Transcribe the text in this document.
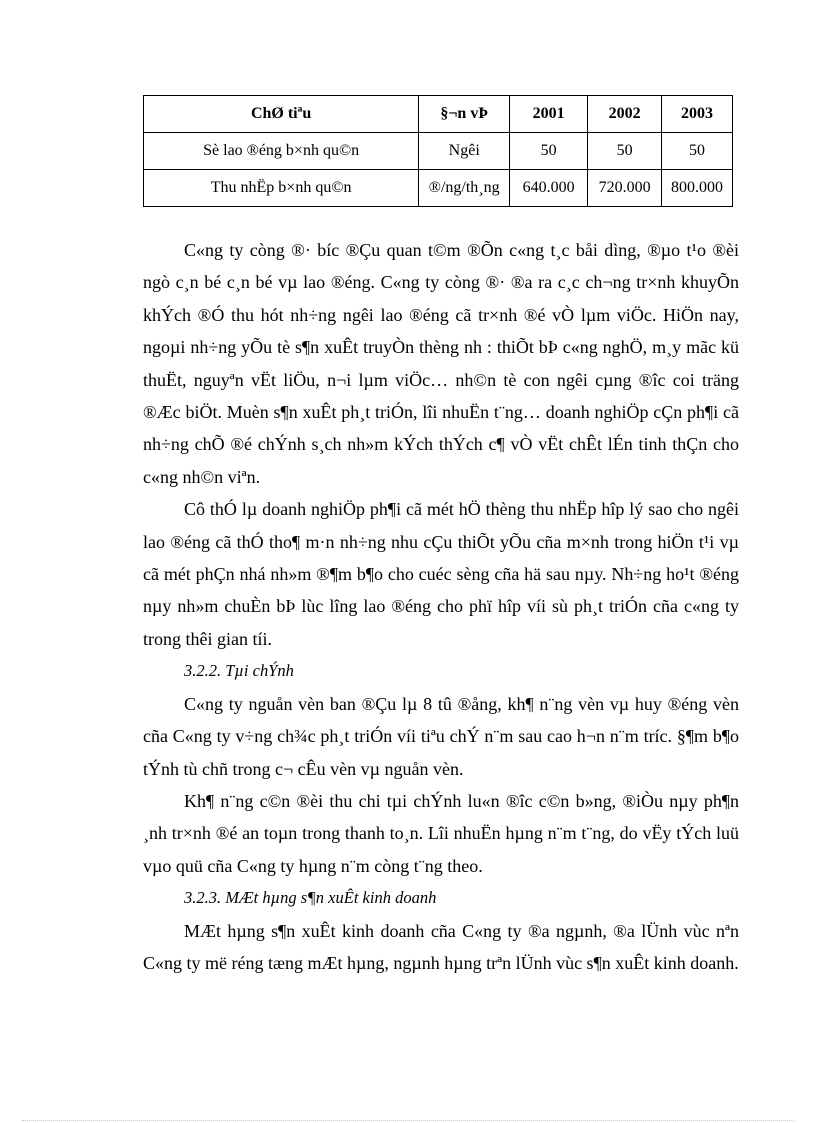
ChØ tiªu	§¬n vÞ	2001	2002	2003
Sè lao ®éng b×nh qu©n	Ngêi	50	50	50
Thu nhËp b×nh qu©n	®/ng/th¸ng	640.000	720.000	800.000

C«ng ty còng ®· bíc ®Çu quan t©m ®Õn c«ng t¸c båi dìng, ®µo t¹o ®èi ngò c¸n bé c¸n bé vµ lao ®éng. C«ng ty còng ®· ®a ra c¸c ch¬ng tr×nh khuyÕn khÝch ®Ó thu hót nh÷ng ngêi lao ®éng cã tr×nh ®é vÒ lµm viÖc. HiÖn nay, ngoµi nh÷ng yÕu tè s¶n xuÊt truyÒn thèng nh : thiÕt bÞ c«ng nghÖ, m¸y mãc kü thuËt, nguyªn vËt liÖu, n¬i lµm viÖc… nh©n tè con ngêi cµng ®îc coi träng ®Æc biÖt. Muèn s¶n xuÊt ph¸t triÓn, lîi nhuËn t¨ng… doanh nghiÖp cÇn ph¶i cã nh÷ng chÕ ®é chÝnh s¸ch nh»m kÝch thÝch c¶ vÒ vËt chÊt lÉn tinh thÇn cho c«ng nh©n viªn.

Cô thÓ lµ doanh nghiÖp ph¶i cã mét hÖ thèng thu nhËp hîp lý sao cho ngêi lao ®éng cã thÓ tho¶ m·n nh÷ng nhu cÇu thiÕt yÕu cña m×nh trong hiÖn t¹i vµ cã mét phÇn nhá nh»m ®¶m b¶o cho cuéc sèng cña hä sau nµy. Nh÷ng ho¹t ®éng nµy nh»m chuÈn bÞ lùc lîng lao ®éng cho phï hîp víi sù ph¸t triÓn cña c«ng ty trong thêi gian tíi.

3.2.2. Tµi chÝnh

C«ng ty nguån vèn ban ®Çu lµ 8 tû ®ång, kh¶ n¨ng vèn vµ huy ®éng vèn cña C«ng ty v÷ng ch¾c ph¸t triÓn víi tiªu chÝ n¨m sau cao h¬n n¨m tríc. §¶m b¶o tÝnh tù chñ trong c¬ cÊu vèn vµ nguån vèn.

Kh¶ n¨ng c©n ®èi thu chi tµi chÝnh lu«n ®îc c©n b»ng, ®iÒu nµy ph¶n ¸nh tr×nh ®é an toµn trong thanh to¸n. Lîi nhuËn hµng n¨m t¨ng, do vËy tÝch luü vµo quü cña C«ng ty hµng n¨m còng t¨ng theo.

3.2.3. MÆt hµng s¶n xuÊt kinh doanh

MÆt hµng s¶n xuÊt kinh doanh cña C«ng ty ®a ngµnh, ®a lÜnh vùc nªn C«ng ty më réng tæng mÆt hµng, ngµnh hµng trªn lÜnh vùc s¶n xuÊt kinh doanh.
